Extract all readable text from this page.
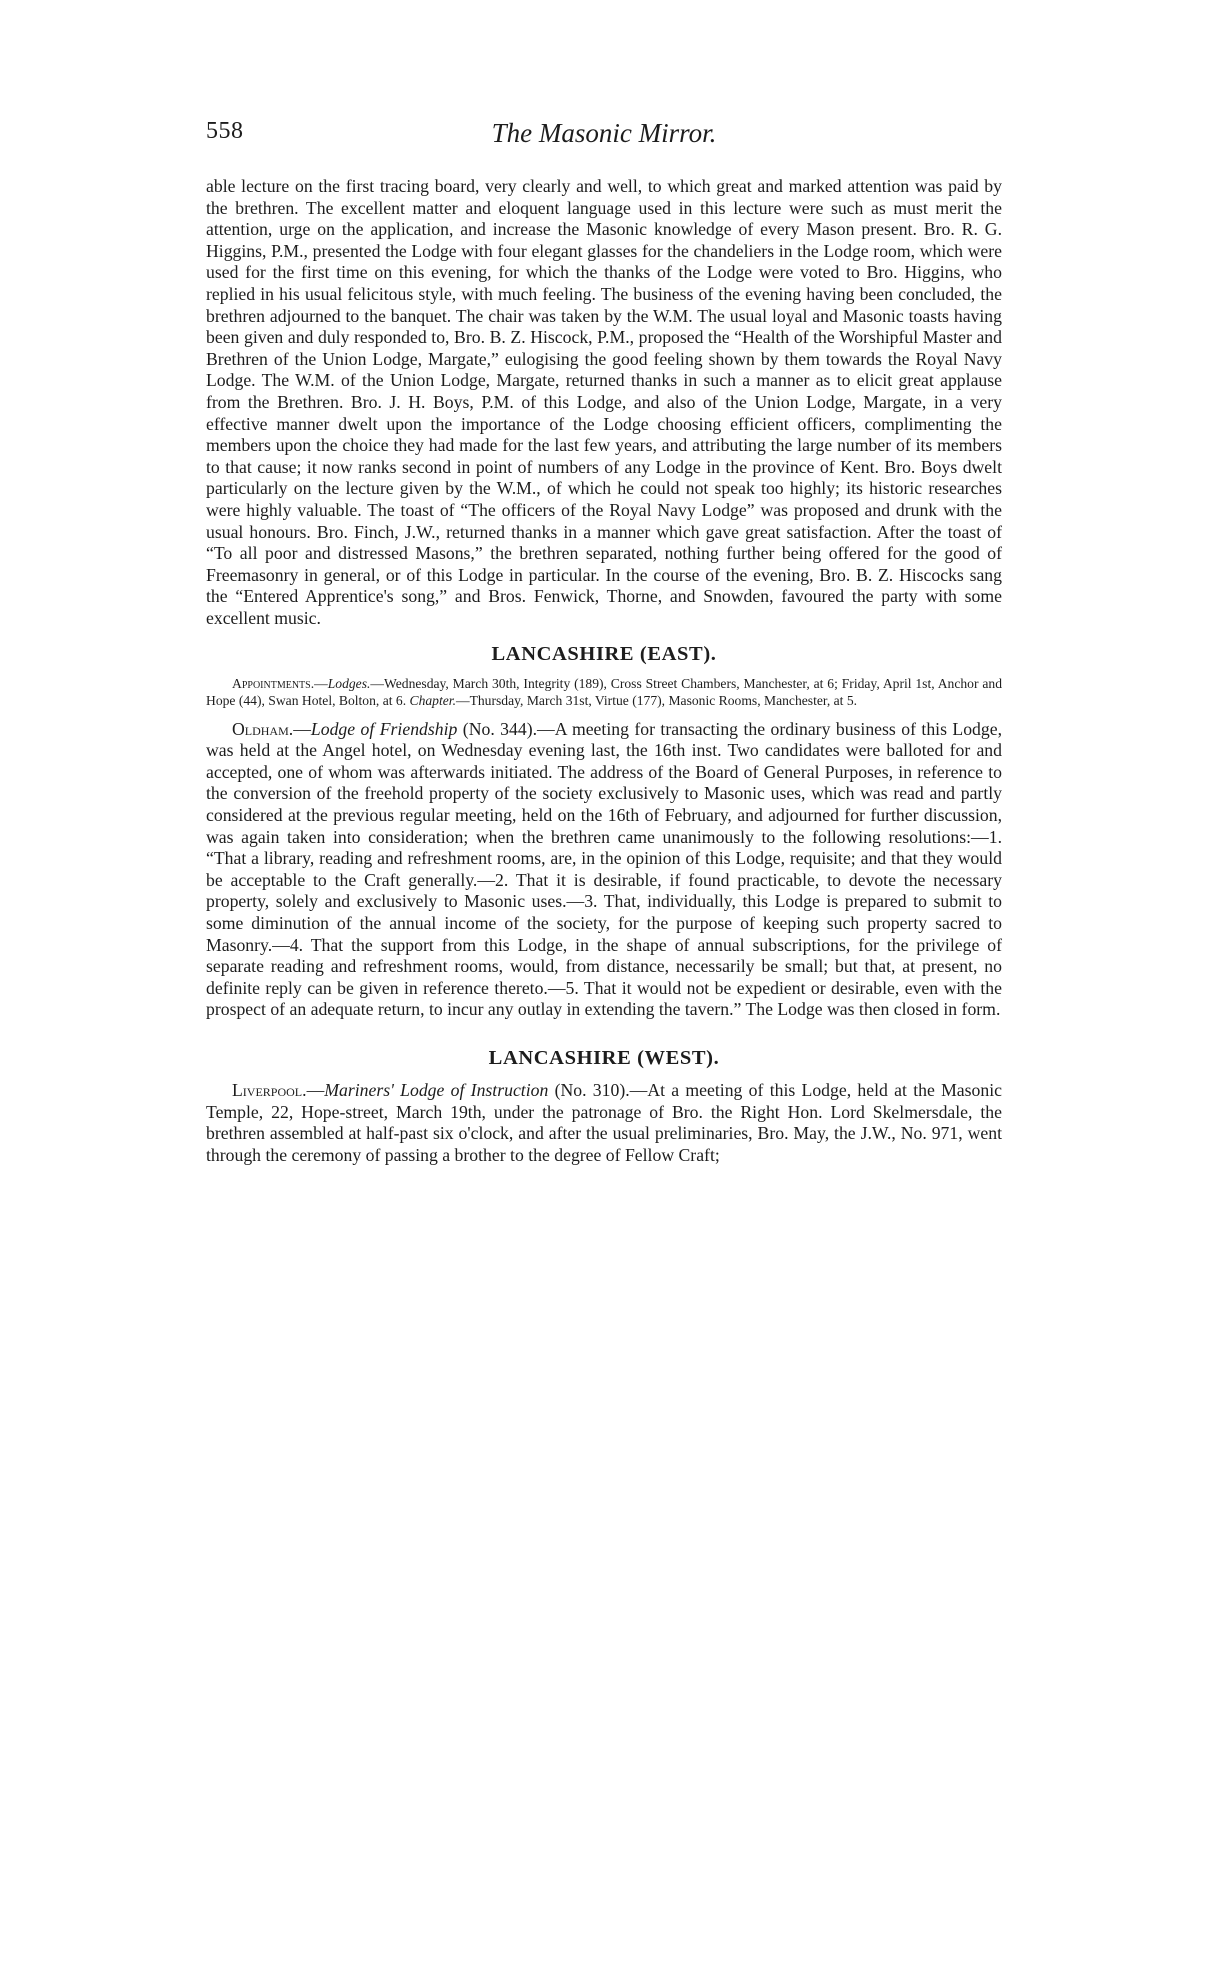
558	The Masonic Mirror.

able lecture on the first tracing board, very clearly and well, to which great and marked attention was paid by the brethren. The excellent matter and eloquent language used in this lecture were such as must merit the attention, urge on the application, and increase the Masonic knowledge of every Mason present. Bro. R. G. Higgins, P.M., presented the Lodge with four elegant glasses for the chandeliers in the Lodge room, which were used for the first time on this evening, for which the thanks of the Lodge were voted to Bro. Higgins, who replied in his usual felicitous style, with much feeling. The business of the evening having been concluded, the brethren adjourned to the banquet. The chair was taken by the W.M. The usual loyal and Masonic toasts having been given and duly responded to, Bro. B. Z. Hiscock, P.M., proposed the “Health of the Worshipful Master and Brethren of the Union Lodge, Margate,” eulogising the good feeling shown by them towards the Royal Navy Lodge. The W.M. of the Union Lodge, Margate, returned thanks in such a manner as to elicit great applause from the Brethren. Bro. J. H. Boys, P.M. of this Lodge, and also of the Union Lodge, Margate, in a very effective manner dwelt upon the importance of the Lodge choosing efficient officers, complimenting the members upon the choice they had made for the last few years, and attributing the large number of its members to that cause; it now ranks second in point of numbers of any Lodge in the province of Kent. Bro. Boys dwelt particularly on the lecture given by the W.M., of which he could not speak too highly; its historic researches were highly valuable. The toast of “The officers of the Royal Navy Lodge” was proposed and drunk with the usual honours. Bro. Finch, J.W., returned thanks in a manner which gave great satisfaction. After the toast of “To all poor and distressed Masons,” the brethren separated, nothing further being offered for the good of Freemasonry in general, or of this Lodge in particular. In the course of the evening, Bro. B. Z. Hiscocks sang the “Entered Apprentice's song,” and Bros. Fenwick, Thorne, and Snowden, favoured the party with some excellent music.

LANCASHIRE (EAST).

Appointments.—Lodges.—Wednesday, March 30th, Integrity (189), Cross Street Chambers, Manchester, at 6; Friday, April 1st, Anchor and Hope (44), Swan Hotel, Bolton, at 6. Chapter.—Thursday, March 31st, Virtue (177), Masonic Rooms, Manchester, at 5.

Oldham.—Lodge of Friendship (No. 344).—A meeting for transacting the ordinary business of this Lodge, was held at the Angel hotel, on Wednesday evening last, the 16th inst. Two candidates were balloted for and accepted, one of whom was afterwards initiated. The address of the Board of General Purposes, in reference to the conversion of the freehold property of the society exclusively to Masonic uses, which was read and partly considered at the previous regular meeting, held on the 16th of February, and adjourned for further discussion, was again taken into consideration; when the brethren came unanimously to the following resolutions:—1. “That a library, reading and refreshment rooms, are, in the opinion of this Lodge, requisite; and that they would be acceptable to the Craft generally.—2. That it is desirable, if found practicable, to devote the necessary property, solely and exclusively to Masonic uses.—3. That, individually, this Lodge is prepared to submit to some diminution of the annual income of the society, for the purpose of keeping such property sacred to Masonry.—4. That the support from this Lodge, in the shape of annual subscriptions, for the privilege of separate reading and refreshment rooms, would, from distance, necessarily be small; but that, at present, no definite reply can be given in reference thereto.—5. That it would not be expedient or desirable, even with the prospect of an adequate return, to incur any outlay in extending the tavern.” The Lodge was then closed in form.

LANCASHIRE (WEST).

Liverpool.—Mariners' Lodge of Instruction (No. 310).—At a meeting of this Lodge, held at the Masonic Temple, 22, Hope-street, March 19th, under the patronage of Bro. the Right Hon. Lord Skelmersdale, the brethren assembled at half-past six o'clock, and after the usual preliminaries, Bro. May, the J.W., No. 971, went through the ceremony of passing a brother to the degree of Fellow Craft;
